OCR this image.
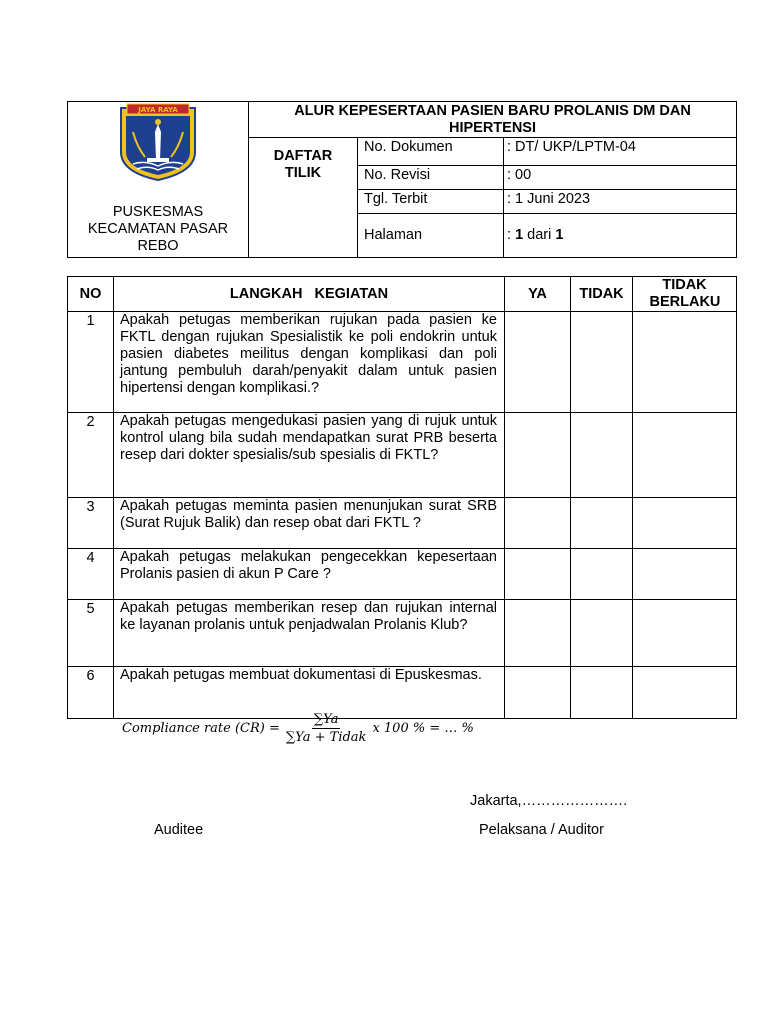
JAYA RAYA
PUSKESMAS KECAMATAN PASAR REBO	ALUR KEPESERTAAN PASIEN BARU PROLANIS DM DAN HIPERTENSI		

	DAFTAR TILIK	No. Dokumen	: DT/ UKP/LPTM-04
		No. Revisi	: 00
		Tgl. Terbit	: 1 Juni 2023
		Halaman	: 1 dari 1
NO	LANGKAH   KEGIATAN	YA	TIDAK	TIDAK BERLAKU

1	Apakah petugas memberikan rujukan pada pasien ke FKTL dengan rujukan Spesialistik ke poli endokrin untuk pasien diabetes meilitus dengan komplikasi dan poli jantung pembuluh darah/penyakit dalam untuk pasien hipertensi dengan komplikasi.?			
2	Apakah petugas mengedukasi pasien yang di rujuk untuk kontrol ulang bila sudah mendapatkan surat PRB beserta resep dari dokter spesialis/sub spesialis di FKTL?			
3	Apakah petugas meminta pasien menunjukan surat SRB (Surat Rujuk Balik) dan resep obat dari FKTL ?			
4	Apakah petugas melakukan pengecekkan kepesertaan Prolanis pasien di akun P Care ?			
5	Apakah petugas memberikan resep dan rujukan internal ke layanan prolanis untuk penjadwalan Prolanis Klub?			
6	Apakah petugas membuat dokumentasi di Epuskesmas.			
Compliance rate $(CR) = \frac{\sum Ya}{\text{∑Ya + Tidak}}$ x 100 % = … %
Jakarta,………………….
Auditee	Pelaksana / Auditor
